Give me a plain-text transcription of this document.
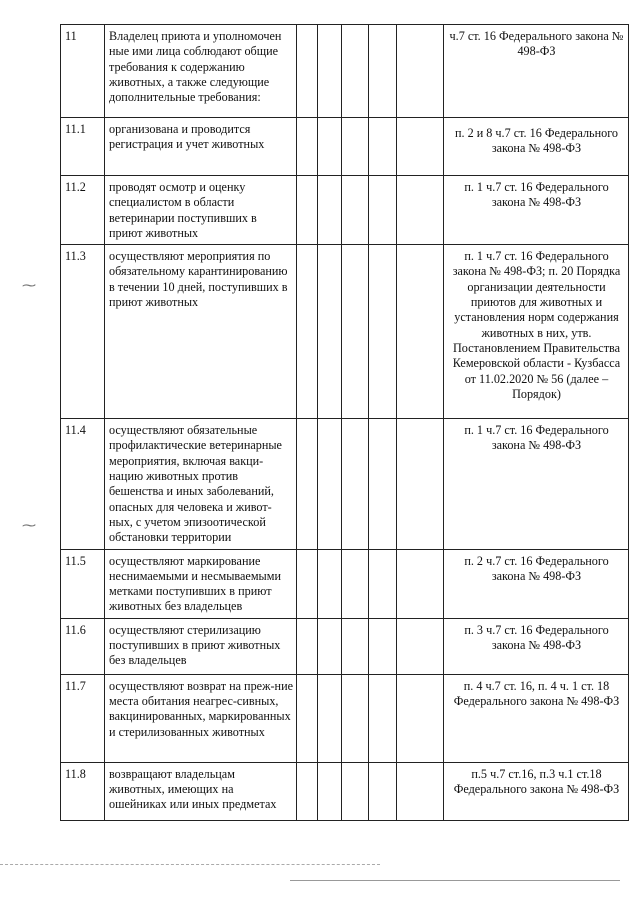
11	Владелец приюта и уполномочен ные ими лица соблюдают общие требования к содержанию животных, а также следующие дополнительные требования:						ч.7 ст. 16 Федерального закона № 498-ФЗ
11.1	организована и проводится регистрация и учет животных						п. 2 и 8 ч.7 ст. 16 Федерального закона № 498-ФЗ
11.2	проводят осмотр и оценку специалистом в области ветеринарии поступивших в приют животных						п. 1 ч.7 ст. 16 Федерального закона № 498-ФЗ
11.3	осуществляют мероприятия по обязательному карантинированию в течении 10 дней, поступивших в приют животных						п. 1 ч.7 ст. 16 Федерального закона № 498-ФЗ; п. 20 Порядка организации деятельности приютов для животных и установления норм содержания животных в них, утв. Постановлением Правительства Кемеровской области - Кузбасса от 11.02.2020 № 56 (далее – Порядок)
11.4	осуществляют обязательные профилактические ветеринарные мероприятия, включая вакци-нацию животных против бешенства и иных заболеваний, опасных для человека и живот-ных, с учетом эпизоотической обстановки территории						п. 1 ч.7 ст. 16 Федерального закона № 498-ФЗ
11.5	осуществляют маркирование неснимаемыми и несмываемыми метками поступивших в приют животных без владельцев						п. 2 ч.7 ст. 16 Федерального закона № 498-ФЗ
11.6	осуществляют стерилизацию поступивших в приют животных без владельцев						п. 3 ч.7 ст. 16 Федерального закона № 498-ФЗ
11.7	осуществляют возврат на преж-ние места обитания неагрес-сивных, вакцинированных, маркированных и стерилизованных животных						п. 4 ч.7 ст. 16, п. 4 ч. 1 ст. 18 Федерального закона № 498-ФЗ
11.8	возвращают владельцам животных, имеющих на ошейниках или иных предметах						п.5 ч.7 ст.16, п.3 ч.1 ст.18 Федерального закона № 498-ФЗ
⁓
⁓
